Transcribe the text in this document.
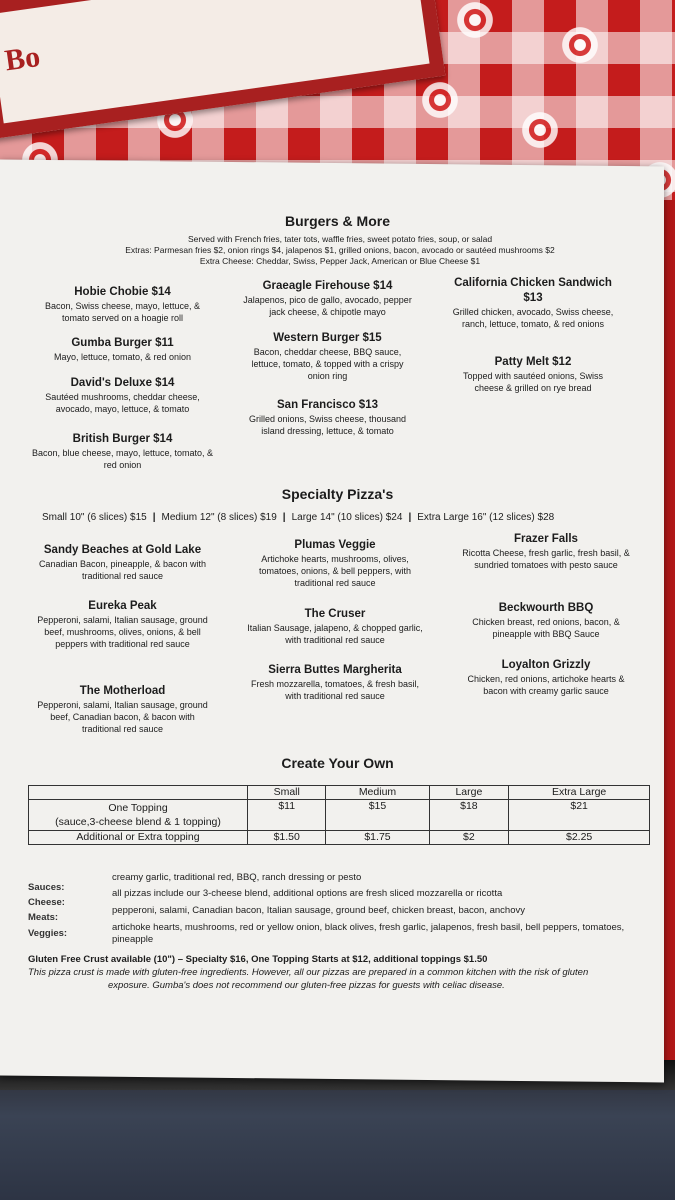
Bo
Burgers & More
Served with French fries, tater tots, waffle fries, sweet potato fries, soup, or salad
Extras: Parmesan fries $2, onion rings $4, jalapenos $1, grilled onions, bacon, avocado or sautéed mushrooms $2
Extra Cheese: Cheddar, Swiss, Pepper Jack, American or Blue Cheese $1
Hobie Chobie $14
Bacon, Swiss cheese, mayo, lettuce, & tomato served on a hoagie roll
Gumba Burger $11
Mayo, lettuce, tomato, & red onion
David's Deluxe $14
Sautéed mushrooms, cheddar cheese, avocado, mayo, lettuce, & tomato
British Burger $14
Bacon, blue cheese, mayo, lettuce, tomato, & red onion
Graeagle Firehouse $14
Jalapenos, pico de gallo, avocado, pepper jack cheese, & chipotle mayo
Western Burger $15
Bacon, cheddar cheese, BBQ sauce, lettuce, tomato, & topped with a crispy onion ring
San Francisco $13
Grilled onions, Swiss cheese, thousand island dressing, lettuce, & tomato
California Chicken Sandwich $13
Grilled chicken, avocado, Swiss cheese, ranch, lettuce, tomato, & red onions
Patty Melt $12
Topped with sautéed onions, Swiss cheese & grilled on rye bread
Specialty Pizza's
Small 10" (6 slices) $15 | Medium 12" (8 slices) $19 | Large 14" (10 slices) $24 | Extra Large 16" (12 slices) $28
Sandy Beaches at Gold Lake
Canadian Bacon, pineapple, & bacon with traditional red sauce
Eureka Peak
Pepperoni, salami, Italian sausage, ground beef, mushrooms, olives, onions, & bell peppers with traditional red sauce
The Motherload
Pepperoni, salami, Italian sausage, ground beef, Canadian bacon, & bacon with traditional red sauce
Plumas Veggie
Artichoke hearts, mushrooms, olives, tomatoes, onions, & bell peppers, with traditional red sauce
The Cruser
Italian Sausage, jalapeno, & chopped garlic, with traditional red sauce
Sierra Buttes Margherita
Fresh mozzarella, tomatoes, & fresh basil, with traditional red sauce
Frazer Falls
Ricotta Cheese, fresh garlic, fresh basil, & sundried tomatoes with pesto sauce
Beckwourth BBQ
Chicken breast, red onions, bacon, & pineapple with BBQ Sauce
Loyalton Grizzly
Chicken, red onions, artichoke hearts & bacon with creamy garlic sauce
Create Your Own
	Small	Medium	Large	Extra Large

One Topping
(sauce,3-cheese blend & 1 topping)	$11	$15	$18	$21
Additional or Extra topping	$1.50	$1.75	$2	$2.25
Sauces:
creamy garlic, traditional red, BBQ, ranch dressing or pesto
Cheese:
all pizzas include our 3-cheese blend, additional options are fresh sliced mozzarella or ricotta
Meats:
pepperoni, salami, Canadian bacon, Italian sausage, ground beef, chicken breast, bacon, anchovy
Veggies:
artichoke hearts, mushrooms, red or yellow onion, black olives, fresh garlic, jalapenos, fresh basil, bell peppers, tomatoes, pineapple
Gluten Free Crust available (10") – Specialty $16, One Topping Starts at $12, additional toppings $1.50
This pizza crust is made with gluten-free ingredients. However, all our pizzas are prepared in a common kitchen with the risk of gluten
exposure. Gumba's does not recommend our gluten-free pizzas for guests with celiac disease.
